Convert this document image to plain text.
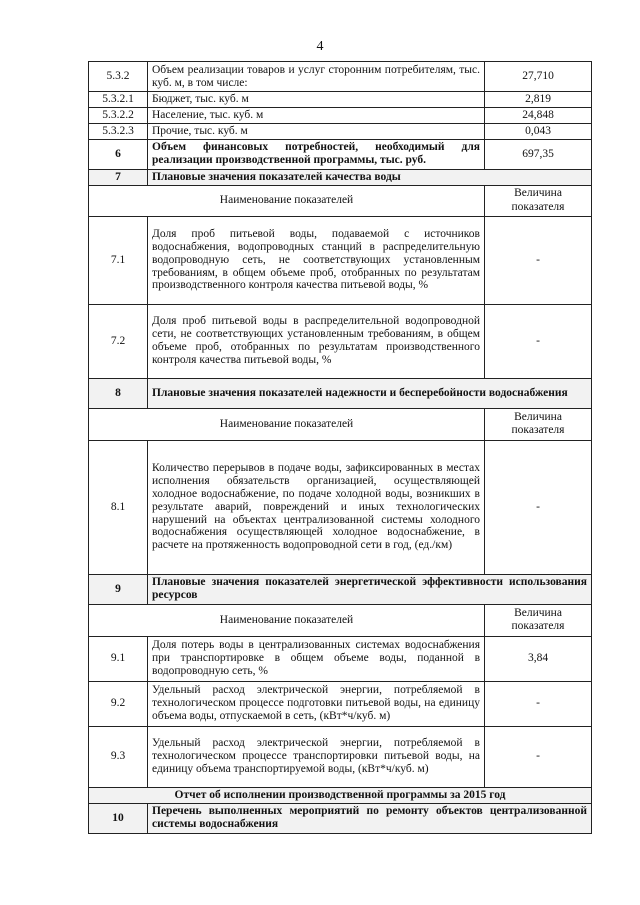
4
5.3.2	Объем реализации товаров и услуг сторонним потребителям, тыс. куб. м, в том числе:	27,710
5.3.2.1	Бюджет, тыс. куб. м	2,819
5.3.2.2	Население, тыс. куб. м	24,848
5.3.2.3	Прочие, тыс. куб. м	0,043
6	Объем финансовых потребностей, необходимый для реализации производственной программы, тыс. руб.	697,35
7	Плановые значения показателей качества воды	
Наименование показателей		Величина показателя
7.1	Доля проб питьевой воды, подаваемой с источников водоснабжения, водопроводных станций в распределительную водопроводную сеть, не соответствующих установленным требованиям, в общем объеме проб, отобранных по результатам производственного контроля качества питьевой воды, %	-
7.2	Доля проб питьевой воды в распределительной водопроводной сети, не соответствующих установленным требованиям, в общем объеме проб, отобранных по результатам производственного контроля качества питьевой воды, %	-
8	Плановые значения показателей надежности и бесперебойности водоснабжения	
Наименование показателей		Величина показателя
8.1	Количество перерывов в подаче воды, зафиксированных в местах исполнения обязательств организацией, осуществляющей холодное водоснабжение, по подаче холодной воды, возникших в результате аварий, повреждений и иных технологических нарушений на объектах централизованной системы холодного водоснабжения осуществляющей холодное водоснабжение, в расчете на протяженность водопроводной сети в год, (ед./км)	-
9	Плановые значения показателей энергетической эффективности использования ресурсов	
Наименование показателей		Величина показателя
9.1	Доля потерь воды в централизованных системах водоснабжения при транспортировке в общем объеме воды, поданной в водопроводную сеть, %	3,84
9.2	Удельный расход электрической энергии, потребляемой в технологическом процессе подготовки питьевой воды, на единицу объема воды, отпускаемой в сеть, (кВт*ч/куб. м)	-
9.3	Удельный расход электрической энергии, потребляемой в технологическом процессе транспортировки питьевой воды, на единицу объема транспортируемой воды, (кВт*ч/куб. м)	-
Отчет об исполнении производственной программы за 2015 год		
10	Перечень выполненных мероприятий по ремонту объектов централизованной системы водоснабжения	
